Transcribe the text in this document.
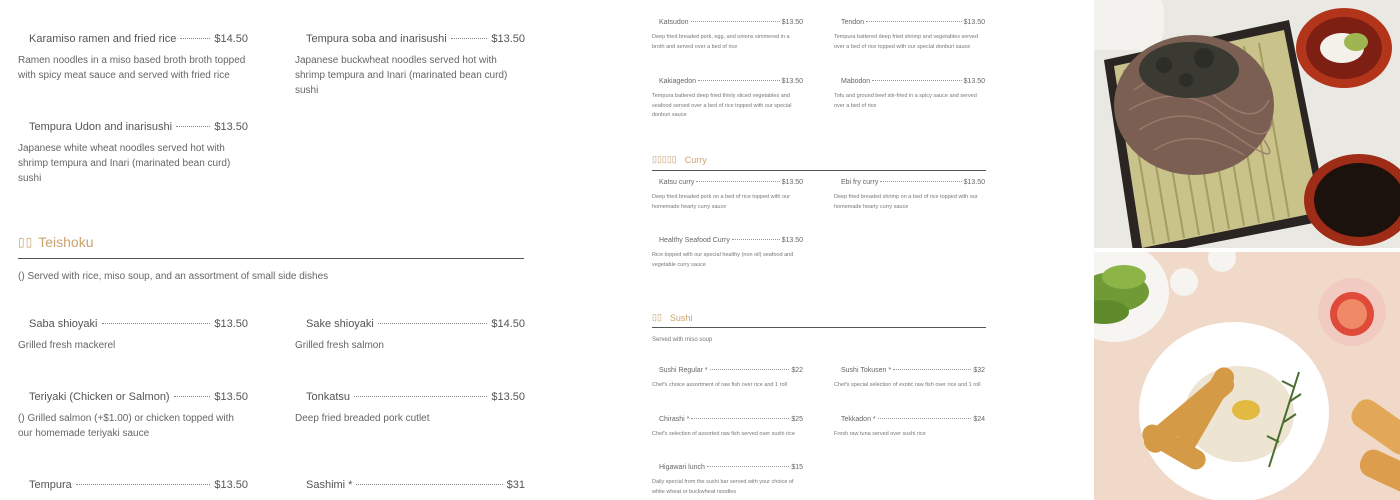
Karamiso ramen and fried rice	$14.50
Ramen noodles in a miso based broth broth topped with spicy meat sauce and served with fried rice
Tempura soba and inarisushi	$13.50
Japanese buckwheat noodles served hot with shrimp tempura and Inari (marinated bean curd) sushi
Tempura Udon and inarisushi	$13.50
Japanese white wheat noodles served hot with shrimp tempura and Inari (marinated bean curd) sushi
▯▯ Teishoku
() Served with rice, miso soup, and an assortment of small side dishes
Saba shioyaki	$13.50
Grilled fresh mackerel
Sake shioyaki	$14.50
Grilled fresh salmon
Teriyaki (Chicken or Salmon)	$13.50
() Grilled salmon (+$1.00) or chicken topped with our homemade teriyaki sauce
Tonkatsu	$13.50
Deep fried breaded pork cutlet
Tempura	$13.50	Sashimi *	$31
Katsudon	$13.50
Deep fried breaded pork, egg, and onions simmered in a broth and served over a bed of rice
Tendon	$13.50
Tempura battered deep fried shrimp and vegetables served over a bed of rice topped with our special donburi sauce
Kakiagedon	$13.50
Tempura battered deep fried thinly sliced vegetables and seafood served over a bed of rice topped with our special donburi sauce
Mabodon	$13.50
Tofu and ground beef stir-fried in a spicy sauce and served over a bed of rice
▯▯▯▯▯ Curry
Katsu curry	$13.50
Deep fried breaded pork on a bed of rice topped with our homemade hearty curry sauce
Ebi fry curry	$13.50
Deep fried breaded shrimp on a bed of rice topped with our homemade hearty curry sauce
Healthy Seafood Curry	$13.50
Rice topped with our special healthy (non oil) seafood and vegetable curry sauce
▯▯ Sushi
Served with miso soup
Sushi Regular *	$22
Chef's choice assortment of raw fish over rice and 1 roll
Sushi Tokusen *	$32
Chef's special selection of exotic raw fish over rice and 1 roll
Chirashi *	$25
Chef's selection of assorted raw fish served over sushi rice
Tekkadon *	$24
Fresh raw tuna served over sushi rice
Higawari lunch	$15
Daily special from the sushi bar served with your choice of white wheat or buckwheat noodles
